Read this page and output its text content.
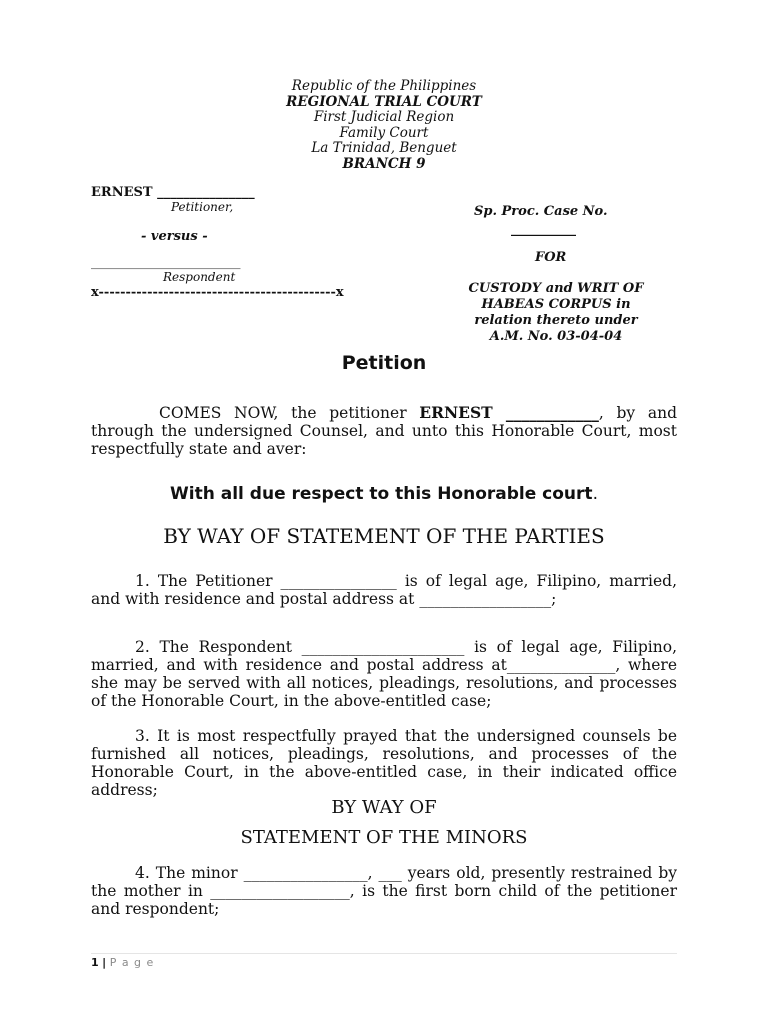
Republic of the Philippines
REGIONAL TRIAL COURT
First Judicial Region
Family Court
La Trinidad, Benguet
BRANCH 9
ERNEST _______________
Petitioner,
- versus -
_______________________
Respondent
x--------------------------------------------x
Sp. Proc. Case No.
__________
FOR
CUSTODY and WRIT OF
HABEAS CORPUS in
relation thereto under
A.M. No. 03-04-04
Petition
COMES NOW, the petitioner ERNEST ____________, by and through the undersigned Counsel, and unto this Honorable Court, most respectfully state and aver:
With all due respect to this Honorable court.
BY WAY OF STATEMENT OF THE PARTIES
1. The Petitioner _______________ is of legal age, Filipino, married, and with residence and postal address at _________________;
2. The Respondent _____________________ is of legal age, Filipino, married, and with residence and postal address at______________, where she may be served with all notices, pleadings, resolutions, and processes of the Honorable Court, in the above-entitled case;
3. It is most respectfully prayed that the undersigned counsels be furnished all notices, pleadings, resolutions, and processes of the Honorable Court, in the above-entitled case, in their indicated office address;
BY WAY OF
STATEMENT OF THE MINORS
4. The minor ________________, ___ years old, presently restrained by the mother in __________________, is the first born child of the petitioner and respondent;
1 | P a g e
